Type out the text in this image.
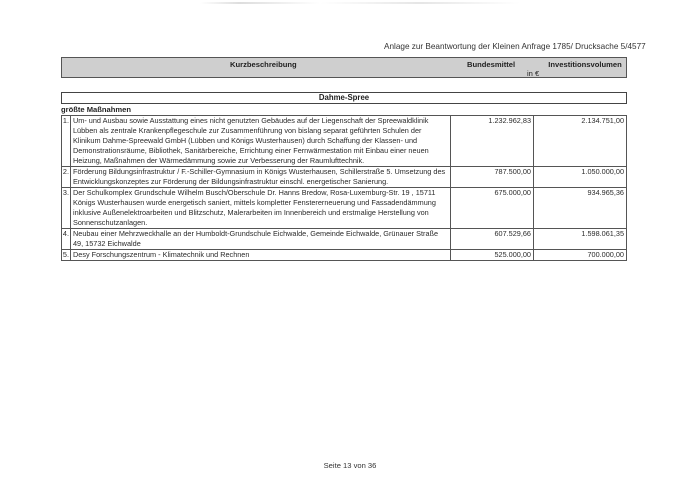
Anlage zur Beantwortung der Kleinen Anfrage 1785/ Drucksache 5/4577
Kurzbeschreibung	Bundesmittel	Investitionsvolumen
in €
Dahme-Spree
größte Maßnahmen
1.	Um- und Ausbau sowie Ausstattung eines nicht genutzten Gebäudes auf der Liegenschaft der Spreewaldklinik Lübben als zentrale Krankenpflegeschule zur Zusammenführung von bislang separat geführten Schulen der Klinikum Dahme-Spreewald GmbH (Lübben und Königs Wusterhausen) durch Schaffung der Klassen- und Demonstrationsräume, Bibliothek, Sanitärbereiche, Errichtung einer Fernwärmestation mit Einbau einer neuen Heizung, Maßnahmen der Wärmedämmung sowie zur Verbesserung der Raumlufttechnik.	1.232.962,83	2.134.751,00
2.	Förderung Bildungsinfrastruktur / F.-Schiller-Gymnasium in Königs Wusterhausen, Schillerstraße 5. Umsetzung des Entwicklungskonzeptes zur Förderung der Bildungsinfrastruktur einschl. energetischer Sanierung.	787.500,00	1.050.000,00
3.	Der Schulkomplex Grundschule Wilhelm Busch/Oberschule Dr. Hanns Bredow, Rosa-Luxemburg-Str. 19 , 15711 Königs Wusterhausen wurde energetisch saniert, mittels kompletter Fenstererneuerung und Fassadendämmung inklusive Außenelektroarbeiten und Blitzschutz, Malerarbeiten im Innenbereich und erstmalige Herstellung von Sonnenschutzanlagen.	675.000,00	934.965,36
4.	Neubau einer Mehrzweckhalle an der Humboldt-Grundschule Eichwalde, Gemeinde Eichwalde, Grünauer Straße 49, 15732 Eichwalde	607.529,66	1.598.061,35
5.	Desy Forschungszentrum - Klimatechnik und Rechnen	525.000,00	700.000,00
Seite 13 von 36
